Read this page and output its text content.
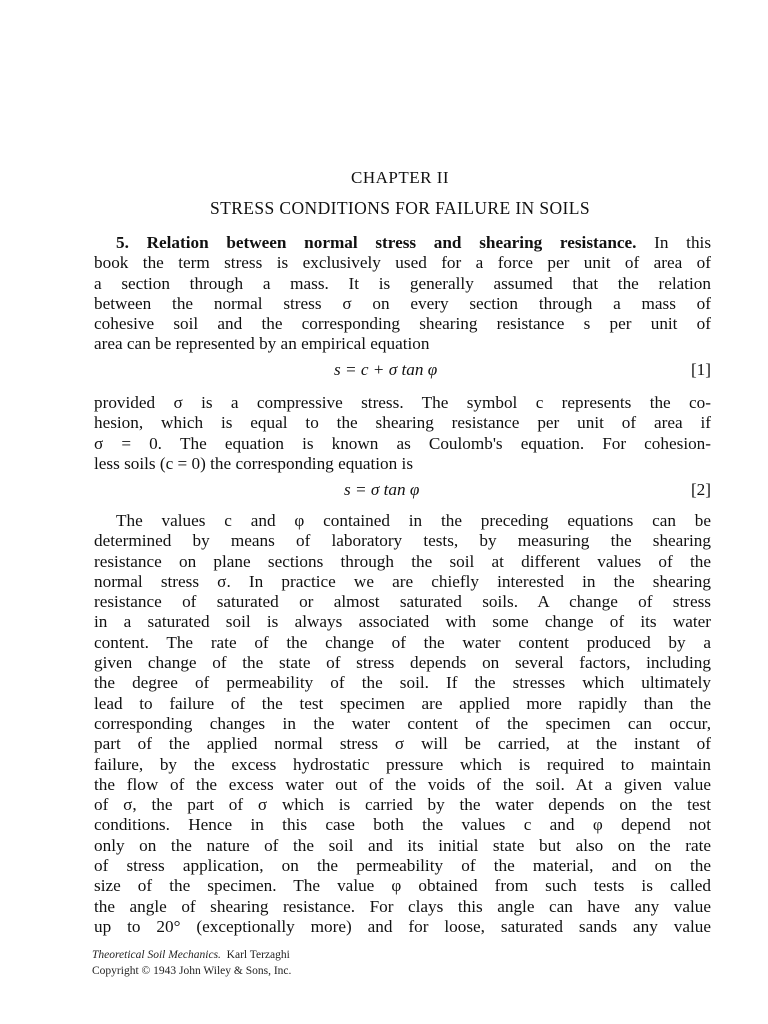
CHAPTER II
STRESS CONDITIONS FOR FAILURE IN SOILS
5. Relation between normal stress and shearing resistance. In this
book the term stress is exclusively used for a force per unit of area of
a section through a mass. It is generally assumed that the relation
between the normal stress σ on every section through a mass of
cohesive soil and the corresponding shearing resistance s per unit of
area can be represented by an empirical equation
s = c + σ tan φ	[1]
provided σ is a compressive stress. The symbol c represents the co-
hesion, which is equal to the shearing resistance per unit of area if
σ = 0. The equation is known as Coulomb's equation. For cohesion-
less soils (c = 0) the corresponding equation is
s = σ tan φ	[2]
The values c and φ contained in the preceding equations can be
determined by means of laboratory tests, by measuring the shearing
resistance on plane sections through the soil at different values of the
normal stress σ. In practice we are chiefly interested in the shearing
resistance of saturated or almost saturated soils. A change of stress
in a saturated soil is always associated with some change of its water
content. The rate of the change of the water content produced by a
given change of the state of stress depends on several factors, including
the degree of permeability of the soil. If the stresses which ultimately
lead to failure of the test specimen are applied more rapidly than the
corresponding changes in the water content of the specimen can occur,
part of the applied normal stress σ will be carried, at the instant of
failure, by the excess hydrostatic pressure which is required to maintain
the flow of the excess water out of the voids of the soil. At a given value
of σ, the part of σ which is carried by the water depends on the test
conditions. Hence in this case both the values c and φ depend not
only on the nature of the soil and its initial state but also on the rate
of stress application, on the permeability of the material, and on the
size of the specimen. The value φ obtained from such tests is called
the angle of shearing resistance. For clays this angle can have any value
up to 20° (exceptionally more) and for loose, saturated sands any value
Theoretical Soil Mechanics. Karl Terzaghi
Copyright © 1943 John Wiley & Sons, Inc.
